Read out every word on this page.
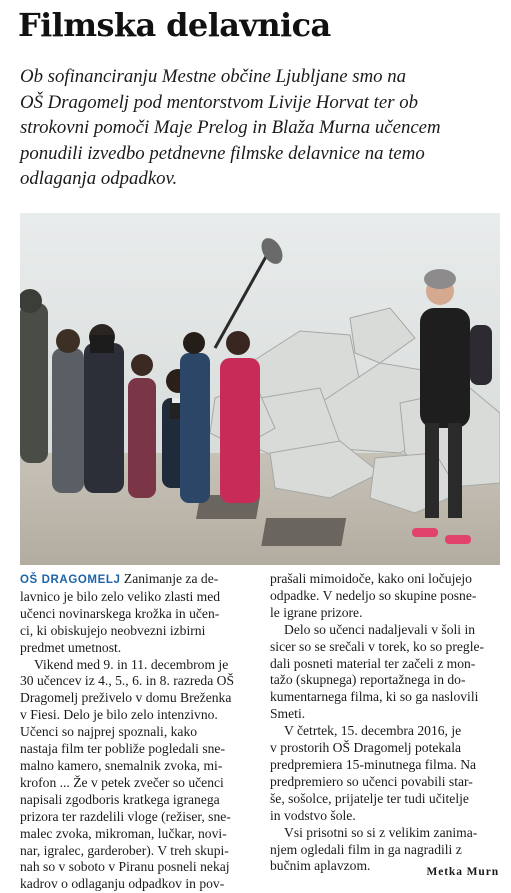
Filmska delavnica
Ob sofinanciranju Mestne občine Ljubljane smo na
OŠ Dragomelj pod mentorstvom Livije Horvat ter ob
strokovni pomoči Maje Prelog in Blaža Murna učencem
ponudili izvedbo petdnevne filmske delavnice na temo
odlaganja odpadkov.
OŠ DRAGOMELJ Zanimanje za de-
lavnico je bilo zelo veliko zlasti med
učenci novinarskega krožka in učen-
ci, ki obiskujejo neobvezni izbirni
predmet umetnost.
Vikend med 9. in 11. decembrom je
30 učencev iz 4., 5., 6. in 8. razreda OŠ
Dragomelj preživelo v domu Breženka
v Fiesi. Delo je bilo zelo intenzivno.
Učenci so najprej spoznali, kako
nastaja film ter pobliže pogledali sne-
malno kamero, snemalnik zvoka, mi-
krofon ... Že v petek zvečer so učenci
napisali zgodboris kratkega igranega
prizora ter razdelili vloge (režiser, sne-
malec zvoka, mikroman, lučkar, novi-
nar, igralec, garderober). V treh skupi-
nah so v soboto v Piranu posneli nekaj
kadrov o odlaganju odpadkov in pov-
prašali mimoidoče, kako oni ločujejo
odpadke. V nedeljo so skupine posne-
le igrane prizore.
Delo so učenci nadaljevali v šoli in
sicer so se srečali v torek, ko so pregle-
dali posneti material ter začeli z mon-
tažo (skupnega) reportažnega in do-
kumentarnega filma, ki so ga naslovili
Smeti.
V četrtek, 15. decembra 2016, je
v prostorih OŠ Dragomelj potekala
predpremiera 15-minutnega filma. Na
predpremiero so učenci povabili star-
še, sošolce, prijatelje ter tudi učitelje
in vodstvo šole.
Vsi prisotni so si z velikim zanima-
njem ogledali film in ga nagradili z
bučnim aplavzom.	Metka Murn
